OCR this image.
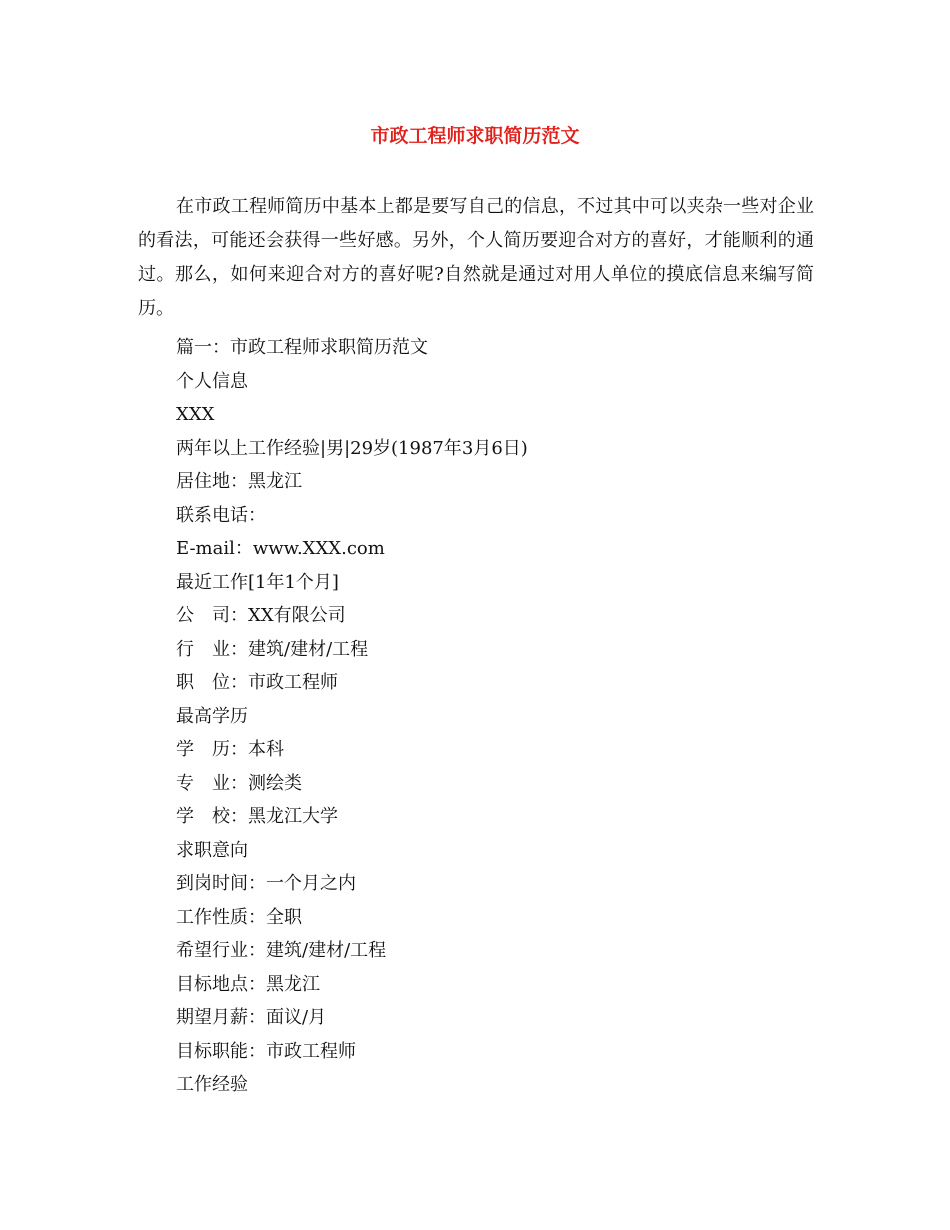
市政工程师求职简历范文

在市政工程师简历中基本上都是要写自己的信息，不过其中可以夹杂一些对企业的看法，可能还会获得一些好感。另外，个人简历要迎合对方的喜好，才能顺利的通过。那么，如何来迎合对方的喜好呢?自然就是通过对用人单位的摸底信息来编写简历。

篇一：市政工程师求职简历范文
个人信息
XXX
两年以上工作经验|男|29岁(1987年3月6日)
居住地：黑龙江
联系电话：
E-mail：www.XXX.com
最近工作[1年1个月]
公　司：XX有限公司
行　业：建筑/建材/工程
职　位：市政工程师
最高学历
学　历：本科
专　业：测绘类
学　校：黑龙江大学
求职意向
到岗时间：一个月之内
工作性质：全职
希望行业：建筑/建材/工程
目标地点：黑龙江
期望月薪：面议/月
目标职能：市政工程师
工作经验
